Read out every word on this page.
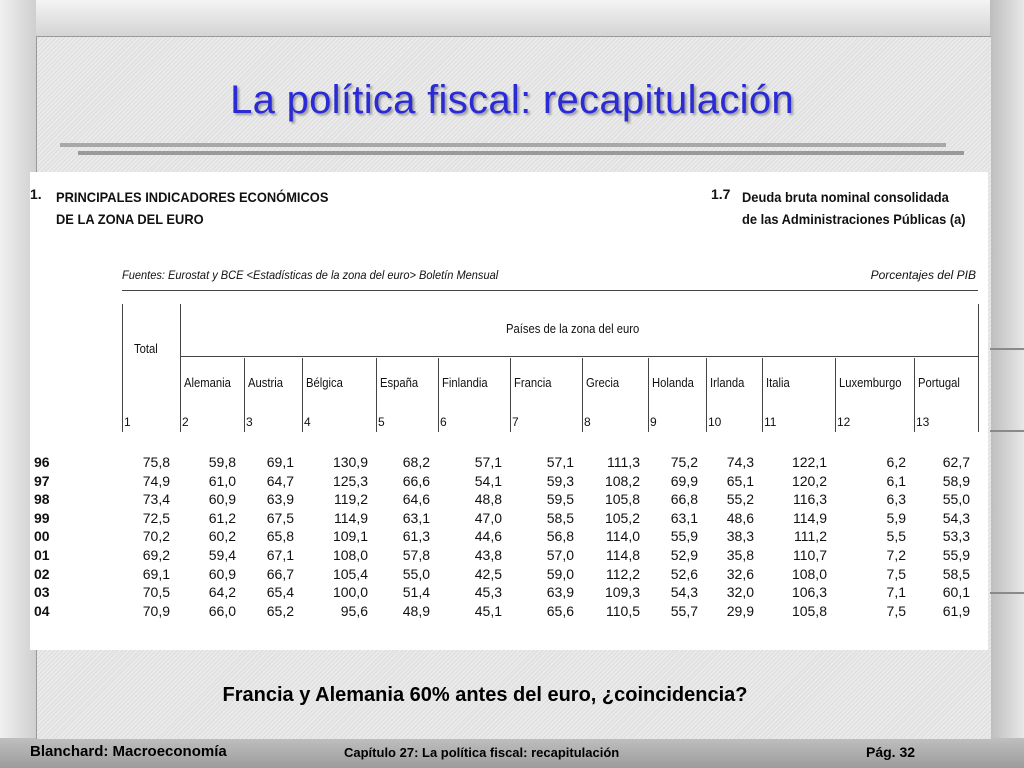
La política fiscal: recapitulación
1. PRINCIPALES INDICADORES ECONÓMICOS
DE LA ZONA DEL EURO
1.7 Deuda bruta nominal consolidada
de las Administraciones Públicas (a)
Fuentes: Eurostat y BCE <Estadísticas de la zona del euro> Boletín Mensual	Porcentajes del PIB
Total
Países de la zona del euro
Alemania Austria Bélgica	España Finlandia Francia	Grecia	Holanda Irlanda Italia	Luxemburgo Portugal
1	2	3	4	5	6	7	8	9	10	11	12	13
96	75,8	59,8	69,1	130,9	68,2	57,1	57,1	111,3	75,2	74,3	122,1	6,2	62,7
97	74,9	61,0	64,7	125,3	66,6	54,1	59,3	108,2	69,9	65,1	120,2	6,1	58,9
98	73,4	60,9	63,9	119,2	64,6	48,8	59,5	105,8	66,8	55,2	116,3	6,3	55,0
99	72,5	61,2	67,5	114,9	63,1	47,0	58,5	105,2	63,1	48,6	114,9	5,9	54,3
00	70,2	60,2	65,8	109,1	61,3	44,6	56,8	114,0	55,9	38,3	111,2	5,5	53,3
01	69,2	59,4	67,1	108,0	57,8	43,8	57,0	114,8	52,9	35,8	110,7	7,2	55,9
02	69,1	60,9	66,7	105,4	55,0	42,5	59,0	112,2	52,6	32,6	108,0	7,5	58,5
03	70,5	64,2	65,4	100,0	51,4	45,3	63,9	109,3	54,3	32,0	106,3	7,1	60,1
04	70,9	66,0	65,2	95,6	48,9	45,1	65,6	110,5	55,7	29,9	105,8	7,5	61,9
Francia y Alemania 60% antes del euro, ¿coincidencia?
Blanchard: Macroeconomía	Capítulo 27: La política fiscal: recapitulación	Pág. 32
